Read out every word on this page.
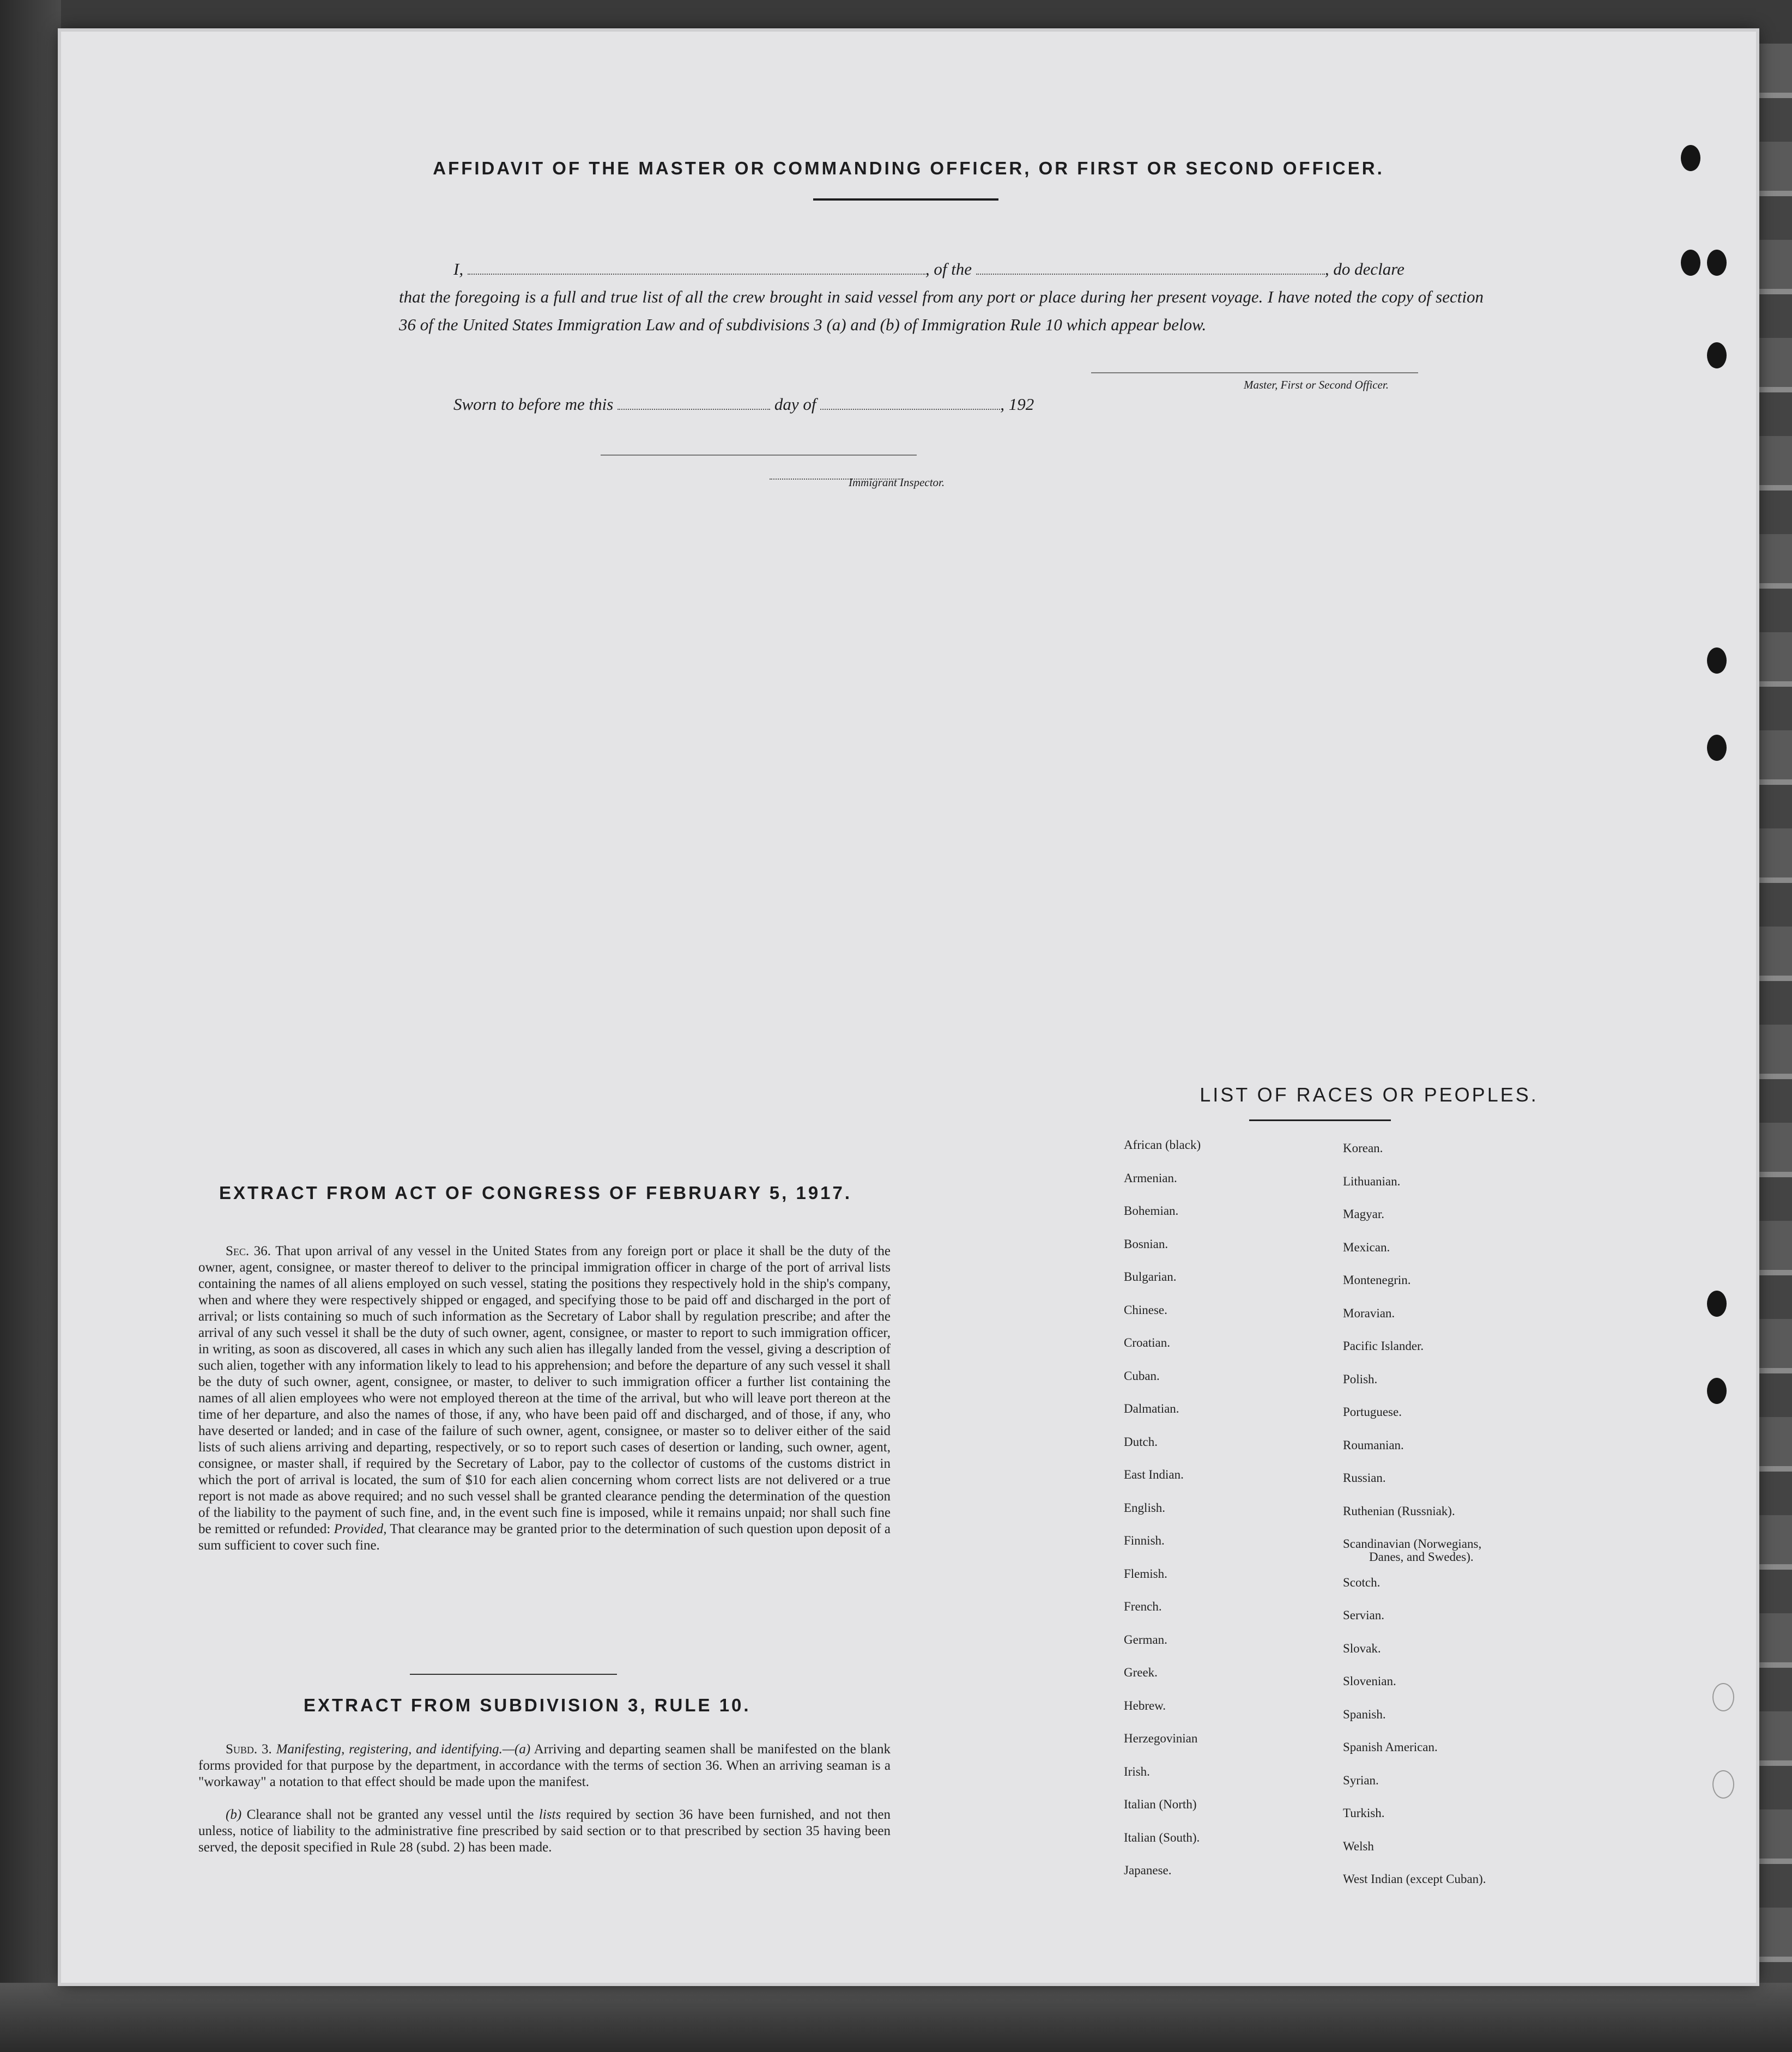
AFFIDAVIT OF THE MASTER OR COMMANDING OFFICER, OR FIRST OR SECOND OFFICER.
I,	, of the	, do declare
that the foregoing is a full and true list of all the crew brought in said vessel from any port or place during her present voyage. I have noted the copy of section 36 of the United States Immigration Law and of subdivisions 3 (a) and (b) of Immigration Rule 10 which appear below.
Master, First or Second Officer.
Sworn to before me this	day of	, 192
Immigrant Inspector.
LIST OF RACES OR PEOPLES.
African (black)
Armenian.
Bohemian.
Bosnian.
Bulgarian.
Chinese.
Croatian.
Cuban.
Dalmatian.
Dutch.
East Indian.
English.
Finnish.
Flemish.
French.
German.
Greek.
Hebrew.
Herzegovinian
Irish.
Italian (North)
Italian (South).
Japanese.
Korean.
Lithuanian.
Magyar.
Mexican.
Montenegrin.
Moravian.
Pacific Islander.
Polish.
Portuguese.
Roumanian.
Russian.
Ruthenian (Russniak).
Scandinavian (Norwegians,
Scotch.
Servian.
Slovak.
Slovenian.
Spanish.
Spanish American.
Syrian.
Turkish.
Welsh
West Indian (except Cuban).
Danes, and Swedes).
EXTRACT FROM ACT OF CONGRESS OF FEBRUARY 5, 1917.
Sec. 36. That upon arrival of any vessel in the United States from any foreign port or place it shall be the duty of the owner, agent, consignee, or master thereof to deliver to the principal immigration officer in charge of the port of arrival lists containing the names of all aliens employed on such vessel, stating the positions they respectively hold in the ship's company, when and where they were respectively shipped or engaged, and specifying those to be paid off and discharged in the port of arrival; or lists containing so much of such information as the Secretary of Labor shall by regulation prescribe; and after the arrival of any such vessel it shall be the duty of such owner, agent, consignee, or master to report to such immigration officer, in writing, as soon as discovered, all cases in which any such alien has illegally landed from the vessel, giving a description of such alien, together with any information likely to lead to his apprehension; and before the departure of any such vessel it shall be the duty of such owner, agent, consignee, or master, to deliver to such immigration officer a further list containing the names of all alien employees who were not employed thereon at the time of the arrival, but who will leave port thereon at the time of her departure, and also the names of those, if any, who have been paid off and discharged, and of those, if any, who have deserted or landed; and in case of the failure of such owner, agent, consignee, or master so to deliver either of the said lists of such aliens arriving and departing, respectively, or so to report such cases of desertion or landing, such owner, agent, consignee, or master shall, if required by the Secretary of Labor, pay to the collector of customs of the customs district in which the port of arrival is located, the sum of $10 for each alien concerning whom correct lists are not delivered or a true report is not made as above required; and no such vessel shall be granted clearance pending the determination of the question of the liability to the payment of such fine, and, in the event such fine is imposed, while it remains unpaid; nor shall such fine be remitted or refunded: Provided, That clearance may be granted prior to the determination of such question upon deposit of a sum sufficient to cover such fine.
EXTRACT FROM SUBDIVISION 3, RULE 10.
Subd. 3. Manifesting, registering, and identifying.—(a) Arriving and departing seamen shall be manifested on the blank forms provided for that purpose by the department, in accordance with the terms of section 36. When an arriving seaman is a "workaway" a notation to that effect should be made upon the manifest.
(b) Clearance shall not be granted any vessel until the lists required by section 36 have been furnished, and not then unless, notice of liability to the administrative fine prescribed by said section or to that prescribed by section 35 having been served, the deposit specified in Rule 28 (subd. 2) has been made.
